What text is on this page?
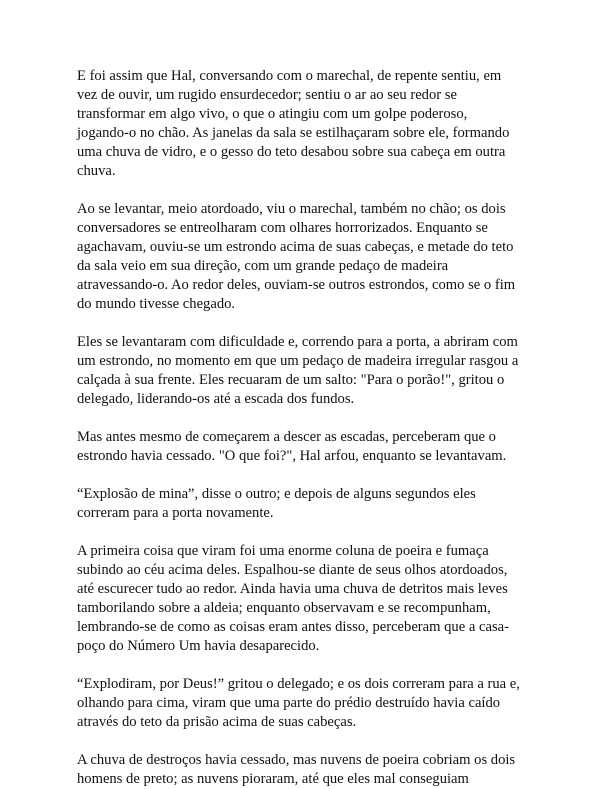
E foi assim que Hal, conversando com o marechal, de repente sentiu, em
vez de ouvir, um rugido ensurdecedor; sentiu o ar ao seu redor se
transformar em algo vivo, o que o atingiu com um golpe poderoso,
jogando-o no chão. As janelas da sala se estilhaçaram sobre ele, formando
uma chuva de vidro, e o gesso do teto desabou sobre sua cabeça em outra
chuva.
Ao se levantar, meio atordoado, viu o marechal, também no chão; os dois
conversadores se entreolharam com olhares horrorizados. Enquanto se
agachavam, ouviu-se um estrondo acima de suas cabeças, e metade do teto
da sala veio em sua direção, com um grande pedaço de madeira
atravessando-o. Ao redor deles, ouviam-se outros estrondos, como se o fim
do mundo tivesse chegado.
Eles se levantaram com dificuldade e, correndo para a porta, a abriram com
um estrondo, no momento em que um pedaço de madeira irregular rasgou a
calçada à sua frente. Eles recuaram de um salto: "Para o porão!", gritou o
delegado, liderando-os até a escada dos fundos.
Mas antes mesmo de começarem a descer as escadas, perceberam que o
estrondo havia cessado. "O que foi?", Hal arfou, enquanto se levantavam.
“Explosão de mina”, disse o outro; e depois de alguns segundos eles
correram para a porta novamente.
A primeira coisa que viram foi uma enorme coluna de poeira e fumaça
subindo ao céu acima deles. Espalhou-se diante de seus olhos atordoados,
até escurecer tudo ao redor. Ainda havia uma chuva de detritos mais leves
tamborilando sobre a aldeia; enquanto observavam e se recompunham,
lembrando-se de como as coisas eram antes disso, perceberam que a casa-
poço do Número Um havia desaparecido.
“Explodiram, por Deus!” gritou o delegado; e os dois correram para a rua e,
olhando para cima, viram que uma parte do prédio destruído havia caído
através do teto da prisão acima de suas cabeças.
A chuva de destroços havia cessado, mas nuvens de poeira cobriam os dois
homens de preto; as nuvens pioraram, até que eles mal conseguiam
